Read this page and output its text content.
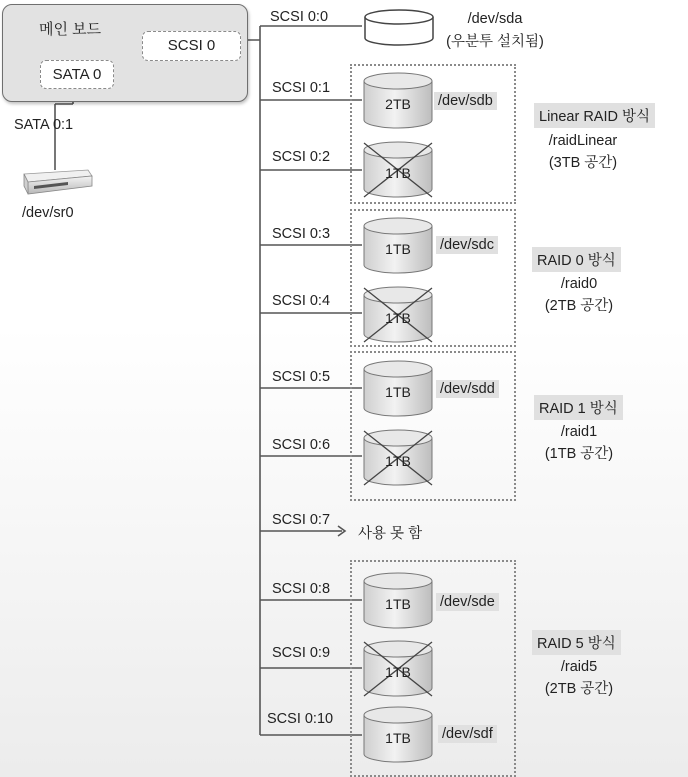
메인 보드
SATA 0
SCSI 0
SATA 0:1
/dev/sr0
SCSI 0:0
SCSI 0:1
SCSI 0:2
SCSI 0:3
SCSI 0:4
SCSI 0:5
SCSI 0:6
SCSI 0:7
SCSI 0:8
SCSI 0:9
SCSI 0:10
/dev/sda
(우분투 설치됨)
사용 못 함
2TB	/dev/sdb
1TB
1TB	/dev/sdc
1TB
1TB	/dev/sdd
1TB
1TB	/dev/sde
1TB
1TB	/dev/sdf
Linear RAID 방식
/raidLinear
(3TB 공간)
RAID 0 방식
/raid0
(2TB 공간)
RAID 1 방식
/raid1
(1TB 공간)
RAID 5 방식
/raid5
(2TB 공간)
